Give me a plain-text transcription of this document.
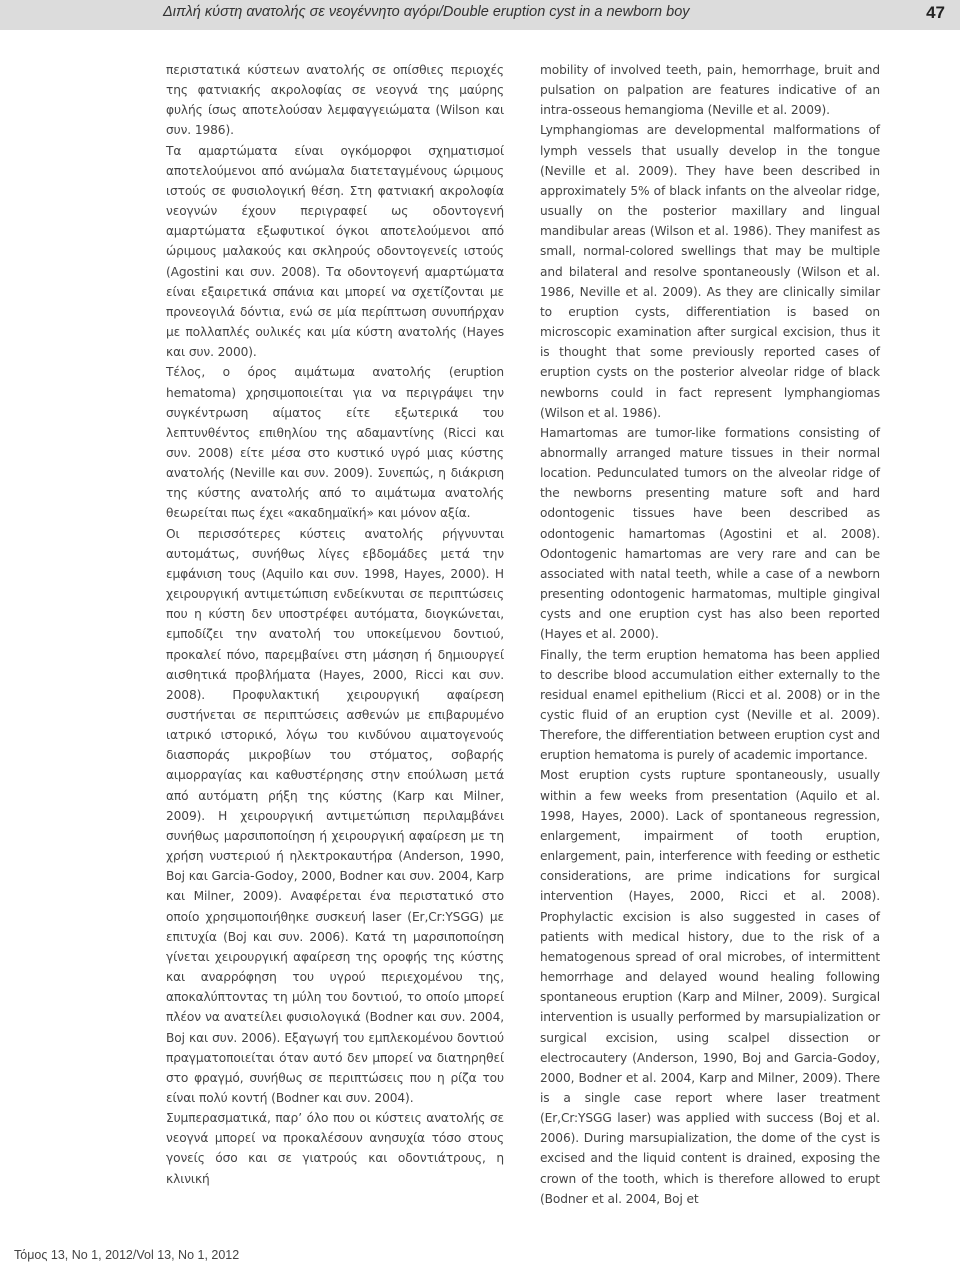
Διπλή κύστη ανατολής σε νεογέννητο αγόρι/Double eruption cyst in a newborn boy	47

περιστατικά κύστεων ανατολής σε οπίσθιες περιοχές της φατνιακής ακρολοφίας σε νεογνά της μαύρης φυλής ίσως αποτελούσαν λεμφαγγειώματα (Wilson και συν. 1986).

Τα αμαρτώματα είναι ογκόμορφοι σχηματισμοί αποτελούμενοι από ανώμαλα διατεταγμένους ώριμους ιστούς σε φυσιολογική θέση. Στη φατνιακή ακρολοφία νεογνών έχουν περιγραφεί ως οδοντογενή αμαρτώματα εξωφυτικοί όγκοι αποτελούμενοι από ώριμους μαλακούς και σκληρούς οδοντογενείς ιστούς (Agostini και συν. 2008). Τα οδοντογενή αμαρτώματα είναι εξαιρετικά σπάνια και μπορεί να σχετίζονται με προνεογιλά δόντια, ενώ σε μία περίπτωση συνυπήρχαν με πολλαπλές ουλικές και μία κύστη ανατολής (Hayes και συν. 2000).

Τέλος, ο όρος αιμάτωμα ανατολής (eruption hematoma) χρησιμοποιείται για να περιγράψει την συγκέντρωση αίματος είτε εξωτερικά του λεπτυνθέντος επιθηλίου της αδαμαντίνης (Ricci και συν. 2008) είτε μέσα στο κυστικό υγρό μιας κύστης ανατολής (Neville και συν. 2009). Συνεπώς, η διάκριση της κύστης ανατολής από το αιμάτωμα ανατολής θεωρείται πως έχει «ακαδημαϊκή» και μόνον αξία.

Οι περισσότερες κύστεις ανατολής ρήγνυνται αυτομάτως, συνήθως λίγες εβδομάδες μετά την εμφάνιση τους (Aquilo και συν. 1998, Hayes, 2000). Η χειρουργική αντιμετώπιση ενδείκνυται σε περιπτώσεις που η κύστη δεν υποστρέφει αυτόματα, διογκώνεται, εμποδίζει την ανατολή του υποκείμενου δοντιού, προκαλεί πόνο, παρεμβαίνει στη μάσηση ή δημιουργεί αισθητικά προβλήματα (Hayes, 2000, Ricci και συν. 2008). Προφυλακτική χειρουργική αφαίρεση συστήνεται σε περιπτώσεις ασθενών με επιβαρυμένο ιατρικό ιστορικό, λόγω του κινδύνου αιματογενούς διασποράς μικροβίων του στόματος, σοβαρής αιμορραγίας και καθυστέρησης στην επούλωση μετά από αυτόματη ρήξη της κύστης (Karp και Milner, 2009). Η χειρουργική αντιμετώπιση περιλαμβάνει συνήθως μαρσιποποίηση ή χειρουργική αφαίρεση με τη χρήση νυστεριού ή ηλεκτροκαυτήρα (Anderson, 1990, Boj και Garcia-Godoy, 2000, Bodner και συν. 2004, Karp και Milner, 2009). Αναφέρεται ένα περιστατικό στο οποίο χρησιμοποιήθηκε συσκευή laser (Er,Cr:YSGG) με επιτυχία (Boj και συν. 2006). Κατά τη μαρσιποποίηση γίνεται χειρουργική αφαίρεση της οροφής της κύστης και αναρρόφηση του υγρού περιεχομένου της, αποκαλύπτοντας τη μύλη του δοντιού, το οποίο μπορεί πλέον να ανατείλει φυσιολογικά (Bodner και συν. 2004, Boj και συν. 2006). Εξαγωγή του εμπλεκομένου δοντιού πραγματοποιείται όταν αυτό δεν μπορεί να διατηρηθεί στο φραγμό, συνήθως σε περιπτώσεις που η ρίζα του είναι πολύ κοντή (Bodner και συν. 2004).

Συμπερασματικά, παρ’ όλο που οι κύστεις ανατολής σε νεογνά μπορεί να προκαλέσουν ανησυχία τόσο στους γονείς όσο και σε γιατρούς και οδοντιάτρους, η κλινική

mobility of involved teeth, pain, hemorrhage, bruit and pulsation on palpation are features indicative of an intra-osseous hemangioma (Neville et al. 2009).

Lymphangiomas are developmental malformations of lymph vessels that usually develop in the tongue (Neville et al. 2009). They have been described in approximately 5% of black infants on the alveolar ridge, usually on the posterior maxillary and lingual mandibular areas (Wilson et al. 1986). They manifest as small, normal-colored swellings that may be multiple and bilateral and resolve spontaneously (Wilson et al. 1986, Neville et al. 2009). As they are clinically similar to eruption cysts, differentiation is based on microscopic examination after surgical excision, thus it is thought that some previously reported cases of eruption cysts on the posterior alveolar ridge of black newborns could in fact represent lymphangiomas (Wilson et al. 1986).

Hamartomas are tumor-like formations consisting of abnormally arranged mature tissues in their normal location. Pedunculated tumors on the alveolar ridge of the newborns presenting mature soft and hard odontogenic tissues have been described as odontogenic hamartomas (Agostini et al. 2008). Odontogenic hamartomas are very rare and can be associated with natal teeth, while a case of a newborn presenting odontogenic harmatomas, multiple gingival cysts and one eruption cyst has also been reported (Hayes et al. 2000).

Finally, the term eruption hematoma has been applied to describe blood accumulation either externally to the residual enamel epithelium (Ricci et al. 2008) or in the cystic fluid of an eruption cyst (Neville et al. 2009). Therefore, the differentiation between eruption cyst and eruption hematoma is purely of academic importance.

Most eruption cysts rupture spontaneously, usually within a few weeks from presentation (Aquilo et al. 1998, Hayes, 2000). Lack of spontaneous regression, enlargement, impairment of tooth eruption, enlargement, pain, interference with feeding or esthetic considerations, are prime indications for surgical intervention (Hayes, 2000, Ricci et al. 2008). Prophylactic excision is also suggested in cases of patients with medical history, due to the risk of a hematogenous spread of oral microbes, of intermittent hemorrhage and delayed wound healing following spontaneous eruption (Karp and Milner, 2009). Surgical intervention is usually performed by marsupialization or surgical excision, using scalpel dissection or electrocautery (Anderson, 1990, Boj and Garcia-Godoy, 2000, Bodner et al. 2004, Karp and Milner, 2009). There is a single case report where laser treatment (Er,Cr:YSGG laser) was applied with success (Boj et al. 2006). During marsupialization, the dome of the cyst is excised and the liquid content is drained, exposing the crown of the tooth, which is therefore allowed to erupt (Bodner et al. 2004, Boj et

Τόμος 13, Νο 1, 2012/Vol 13, No 1, 2012
